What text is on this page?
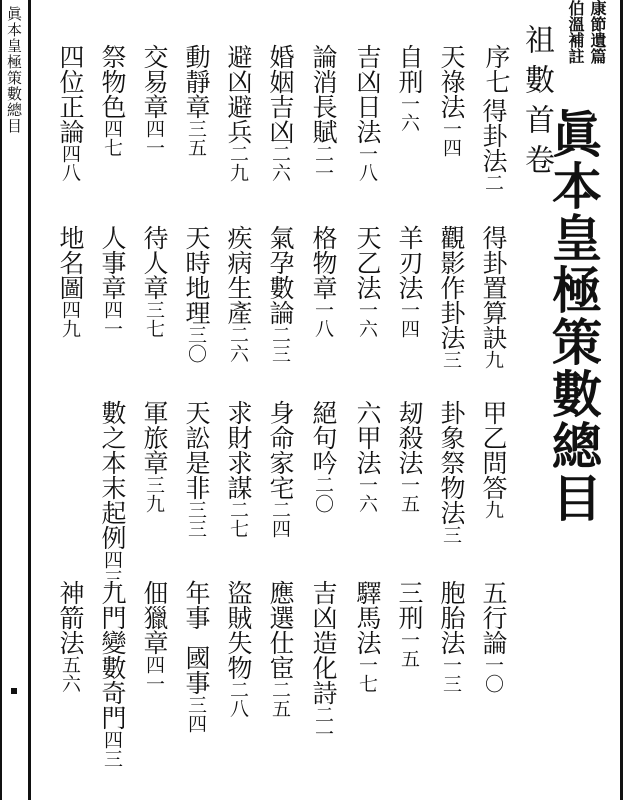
眞本皇極策數總目	康節遺篇
伯溫補註
眞本皇極策數總目
祖數首卷
序七
得卦法二
得卦置算訣九
甲乙問答九
五行論一〇
天祿法一四
觀影作卦法三
卦象祭物法三
胞胎法一三
自刑一六
羊刃法一四
刼殺法一五
三刑一五
吉凶日法一八
天乙法一六
六甲法一六
驛馬法一七
論消長賦二一
格物章一八
絕句吟二〇
吉凶造化詩二一
婚姻吉凶二六
氣孕數論二三
身命家宅二四
應選仕宦二五
避凶避兵二九
疾病生產二六
求財求謀二七
盜賊失物二八
動靜章三五
天時地理三〇
天訟是非三三
年事
國事三四
交易章四一
待人章三七
軍旅章三九
佃獵章四一
祭物色四七
人事章四一
數之本末起例四三
九門變數奇門四三
四位正論四八
地名圖四九
神箭法五六
